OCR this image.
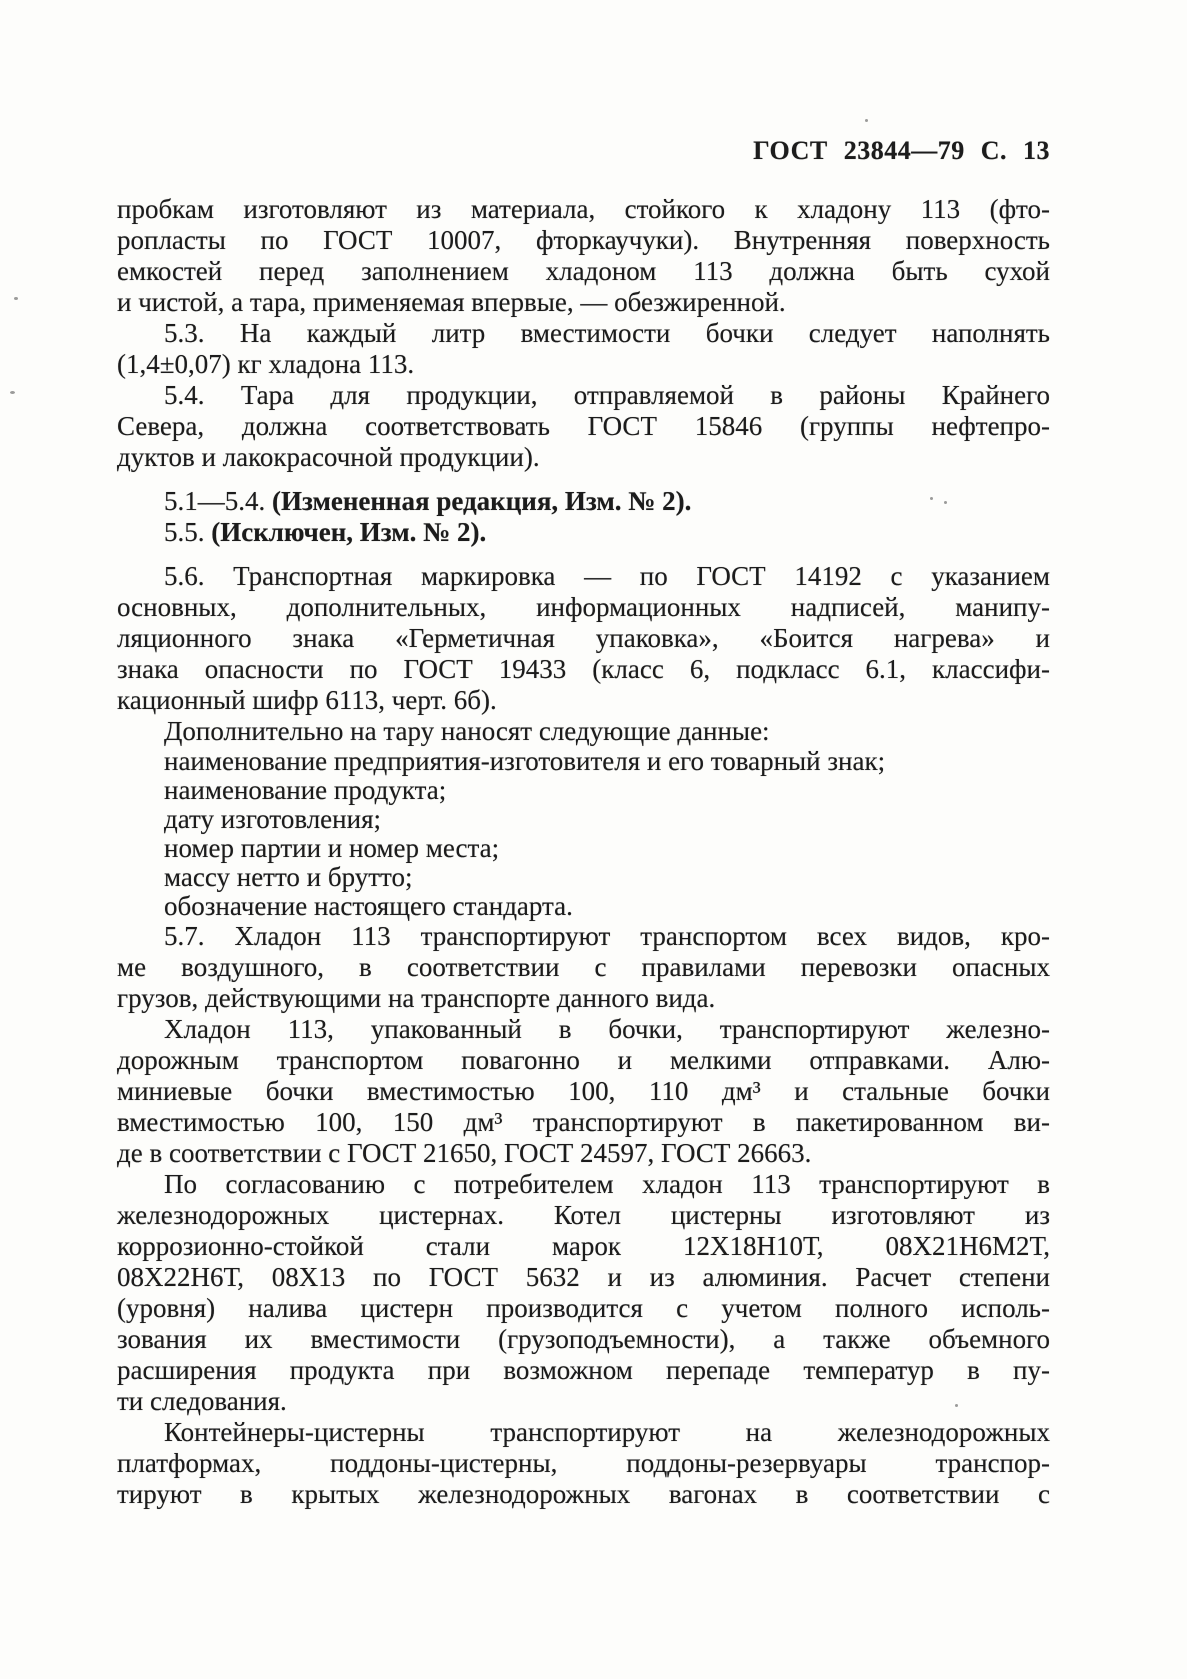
ГОСТ 23844—79 С. 13
пробкам изготовляют из материала, стойкого к хладону 113 (фто-
ропласты по ГОСТ 10007, фторкаучуки). Внутренняя поверхность
емкостей перед заполнением хладоном 113 должна быть сухой
и чистой, а тара, применяемая впервые, — обезжиренной.
5.3. На каждый литр вместимости бочки следует наполнять
(1,4±0,07) кг хладона 113.
5.4. Тара для продукции, отправляемой в районы Крайнего
Севера, должна соответствовать ГОСТ 15846 (группы нефтепро-
дуктов и лакокрасочной продукции).
5.1—5.4. (Измененная редакция, Изм. № 2).
5.5. (Исключен, Изм. № 2).
5.6. Транспортная маркировка — по ГОСТ 14192 с указанием
основных, дополнительных, информационных надписей, манипу-
ляционного знака «Герметичная упаковка», «Боится нагрева» и
знака опасности по ГОСТ 19433 (класс 6, подкласс 6.1, классифи-
кационный шифр 6113, черт. 6б).
Дополнительно на тару наносят следующие данные:
наименование предприятия-изготовителя и его товарный знак;
наименование продукта;
дату изготовления;
номер партии и номер места;
массу нетто и брутто;
обозначение настоящего стандарта.
5.7. Хладон 113 транспортируют транспортом всех видов, кро-
ме воздушного, в соответствии с правилами перевозки опасных
грузов, действующими на транспорте данного вида.
Хладон 113, упакованный в бочки, транспортируют железно-
дорожным транспортом повагонно и мелкими отправками. Алю-
миниевые бочки вместимостью 100, 110 дм³ и стальные бочки
вместимостью 100, 150 дм³ транспортируют в пакетированном ви-
де в соответствии с ГОСТ 21650, ГОСТ 24597, ГОСТ 26663.
По согласованию с потребителем хладон 113 транспортируют в
железнодорожных цистернах. Котел цистерны изготовляют из
коррозионно-стойкой стали марок 12Х18Н10Т, 08Х21Н6М2Т,
08Х22Н6Т, 08Х13 по ГОСТ 5632 и из алюминия. Расчет степени
(уровня) налива цистерн производится с учетом полного исполь-
зования их вместимости (грузоподъемности), а также объемного
расширения продукта при возможном перепаде температур в пу-
ти следования.
Контейнеры-цистерны транспортируют на железнодорожных
платформах, поддоны-цистерны, поддоны-резервуары транспор-
тируют в крытых железнодорожных вагонах в соответствии с
